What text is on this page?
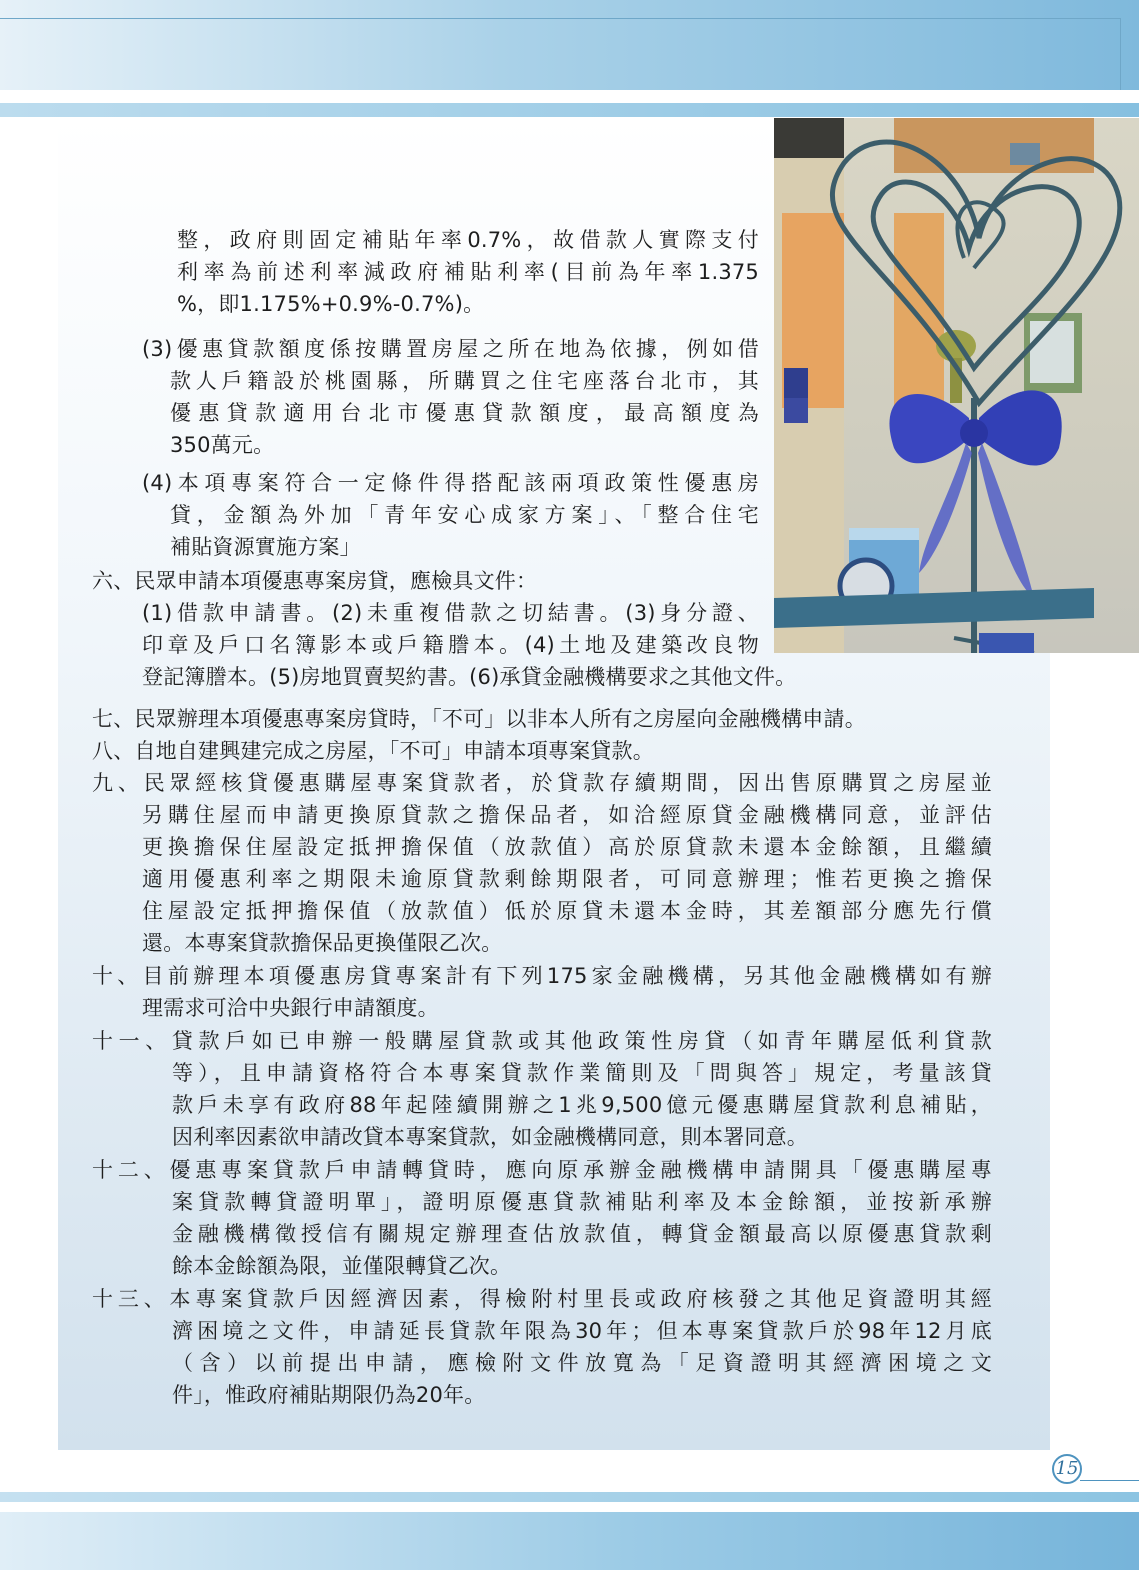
整，政府則固定補貼年率0.7%，故借款人實際支付
利率為前述利率減政府補貼利率(目前為年率1.375
%，即1.175%+0.9%-0.7%)。
(3)優惠貸款額度係按購置房屋之所在地為依據，例如借
款人戶籍設於桃園縣，所購買之住宅座落台北市，其
優惠貸款適用台北市優惠貸款額度，最高額度為
350萬元。
(4)本項專案符合一定條件得搭配該兩項政策性優惠房
貸，金額為外加「青年安心成家方案」、「整合住宅
補貼資源實施方案」
六、民眾申請本項優惠專案房貸，應檢具文件：
(1)借款申請書。(2)未重複借款之切結書。(3)身分證、
印章及戶口名簿影本或戶籍謄本。(4)土地及建築改良物
登記簿謄本。(5)房地買賣契約書。(6)承貸金融機構要求之其他文件。
七、民眾辦理本項優惠專案房貸時，「不可」以非本人所有之房屋向金融機構申請。
八、自地自建興建完成之房屋，「不可」申請本項專案貸款。
九、民眾經核貸優惠購屋專案貸款者，於貸款存續期間，因出售原購買之房屋並
另購住屋而申請更換原貸款之擔保品者，如洽經原貸金融機構同意，並評估
更換擔保住屋設定抵押擔保值（放款值）高於原貸款未還本金餘額，且繼續
適用優惠利率之期限未逾原貸款剩餘期限者，可同意辦理；惟若更換之擔保
住屋設定抵押擔保值（放款值）低於原貸未還本金時，其差額部分應先行償
還。本專案貸款擔保品更換僅限乙次。
十、目前辦理本項優惠房貸專案計有下列175家金融機構，另其他金融機構如有辦
理需求可洽中央銀行申請額度。
十一、貸款戶如已申辦一般購屋貸款或其他政策性房貸（如青年購屋低利貸款
等），且申請資格符合本專案貸款作業簡則及「問與答」規定，考量該貸
款戶未享有政府88年起陸續開辦之1兆9,500億元優惠購屋貸款利息補貼，
因利率因素欲申請改貸本專案貸款，如金融機構同意，則本署同意。
十二、優惠專案貸款戶申請轉貸時，應向原承辦金融機構申請開具「優惠購屋專
案貸款轉貸證明單」，證明原優惠貸款補貼利率及本金餘額，並按新承辦
金融機構徵授信有關規定辦理查估放款值，轉貸金額最高以原優惠貸款剩
餘本金餘額為限，並僅限轉貸乙次。
十三、本專案貸款戶因經濟因素，得檢附村里長或政府核發之其他足資證明其經
濟困境之文件，申請延長貸款年限為30年；但本專案貸款戶於98年12月底
（含）以前提出申請，應檢附文件放寬為「足資證明其經濟困境之文
件」，惟政府補貼期限仍為20年。
15
